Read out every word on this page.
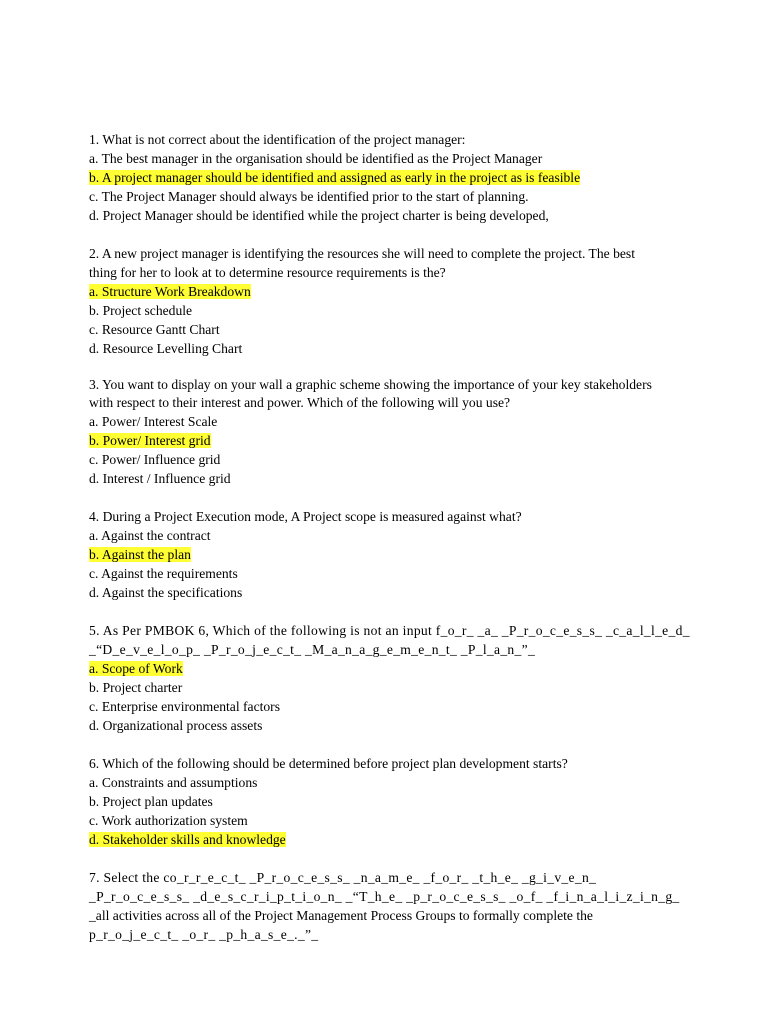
1. What is not correct about the identification of the project manager:
a. The best manager in the organisation should be identified as the Project Manager
b. A project manager should be identified and assigned as early in the project as is feasible
c. The Project Manager should always be identified prior to the start of planning.
d. Project Manager should be identified while the project charter is being developed,
2. A new project manager is identifying the resources she will need to complete the project. The best
thing for her to look at to determine resource requirements is the?
a. Structure Work Breakdown
b. Project schedule
c. Resource Gantt Chart
d. Resource Levelling Chart
3. You want to display on your wall a graphic scheme showing the importance of your key stakeholders
with respect to their interest and power. Which of the following will you use?
a. Power/ Interest Scale
b. Power/ Interest grid
c. Power/ Influence grid
d. Interest / Influence grid
4. During a Project Execution mode, A Project scope is measured against what?
a. Against the contract
b. Against the plan
c. Against the requirements
d. Against the specifications
5. As Per PMBOK 6, Which of the following is not an input f_o_r_ _a_ _P_r_o_c_e_s_s_ _c_a_l_l_e_d_
_“D_e_v_e_l_o_p_ _P_r_o_j_e_c_t_ _M_a_n_a_g_e_m_e_n_t_ _P_l_a_n_”_
a. Scope of Work
b. Project charter
c. Enterprise environmental factors
d. Organizational process assets
6. Which of the following should be determined before project plan development starts?
a. Constraints and assumptions
b. Project plan updates
c. Work authorization system
d. Stakeholder skills and knowledge
7. Select the co_r_r_e_c_t_ _P_r_o_c_e_s_s_ _n_a_m_e_ _f_o_r_ _t_h_e_ _g_i_v_e_n_
_P_r_o_c_e_s_s_ _d_e_s_c_r_i_p_t_i_o_n_ _“T_h_e_ _p_r_o_c_e_s_s_ _o_f_ _f_i_n_a_l_i_z_i_n_g_
_all activities across all of the Project Management Process Groups to formally complete the
p_r_o_j_e_c_t_ _o_r_ _p_h_a_s_e_._”_
